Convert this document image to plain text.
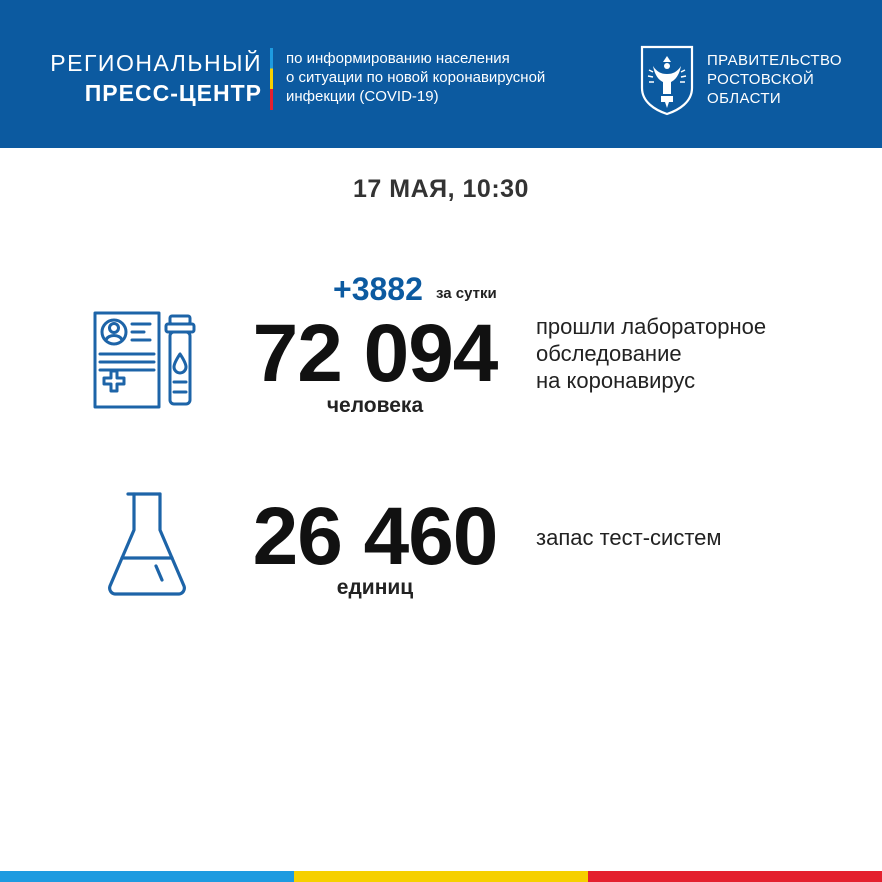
РЕГИОНАЛЬНЫЙ
ПРЕСС-ЦЕНТР
по информированию населения
о ситуации по новой коронавирусной
инфекции (COVID-19)
ПРАВИТЕЛЬСТВО
РОСТОВСКОЙ
ОБЛАСТИ
17 МАЯ, 10:30
+3882 за сутки
72 094
человека
прошли лабораторное
обследование
на коронавирус
26 460
единиц
запас тест-систем
